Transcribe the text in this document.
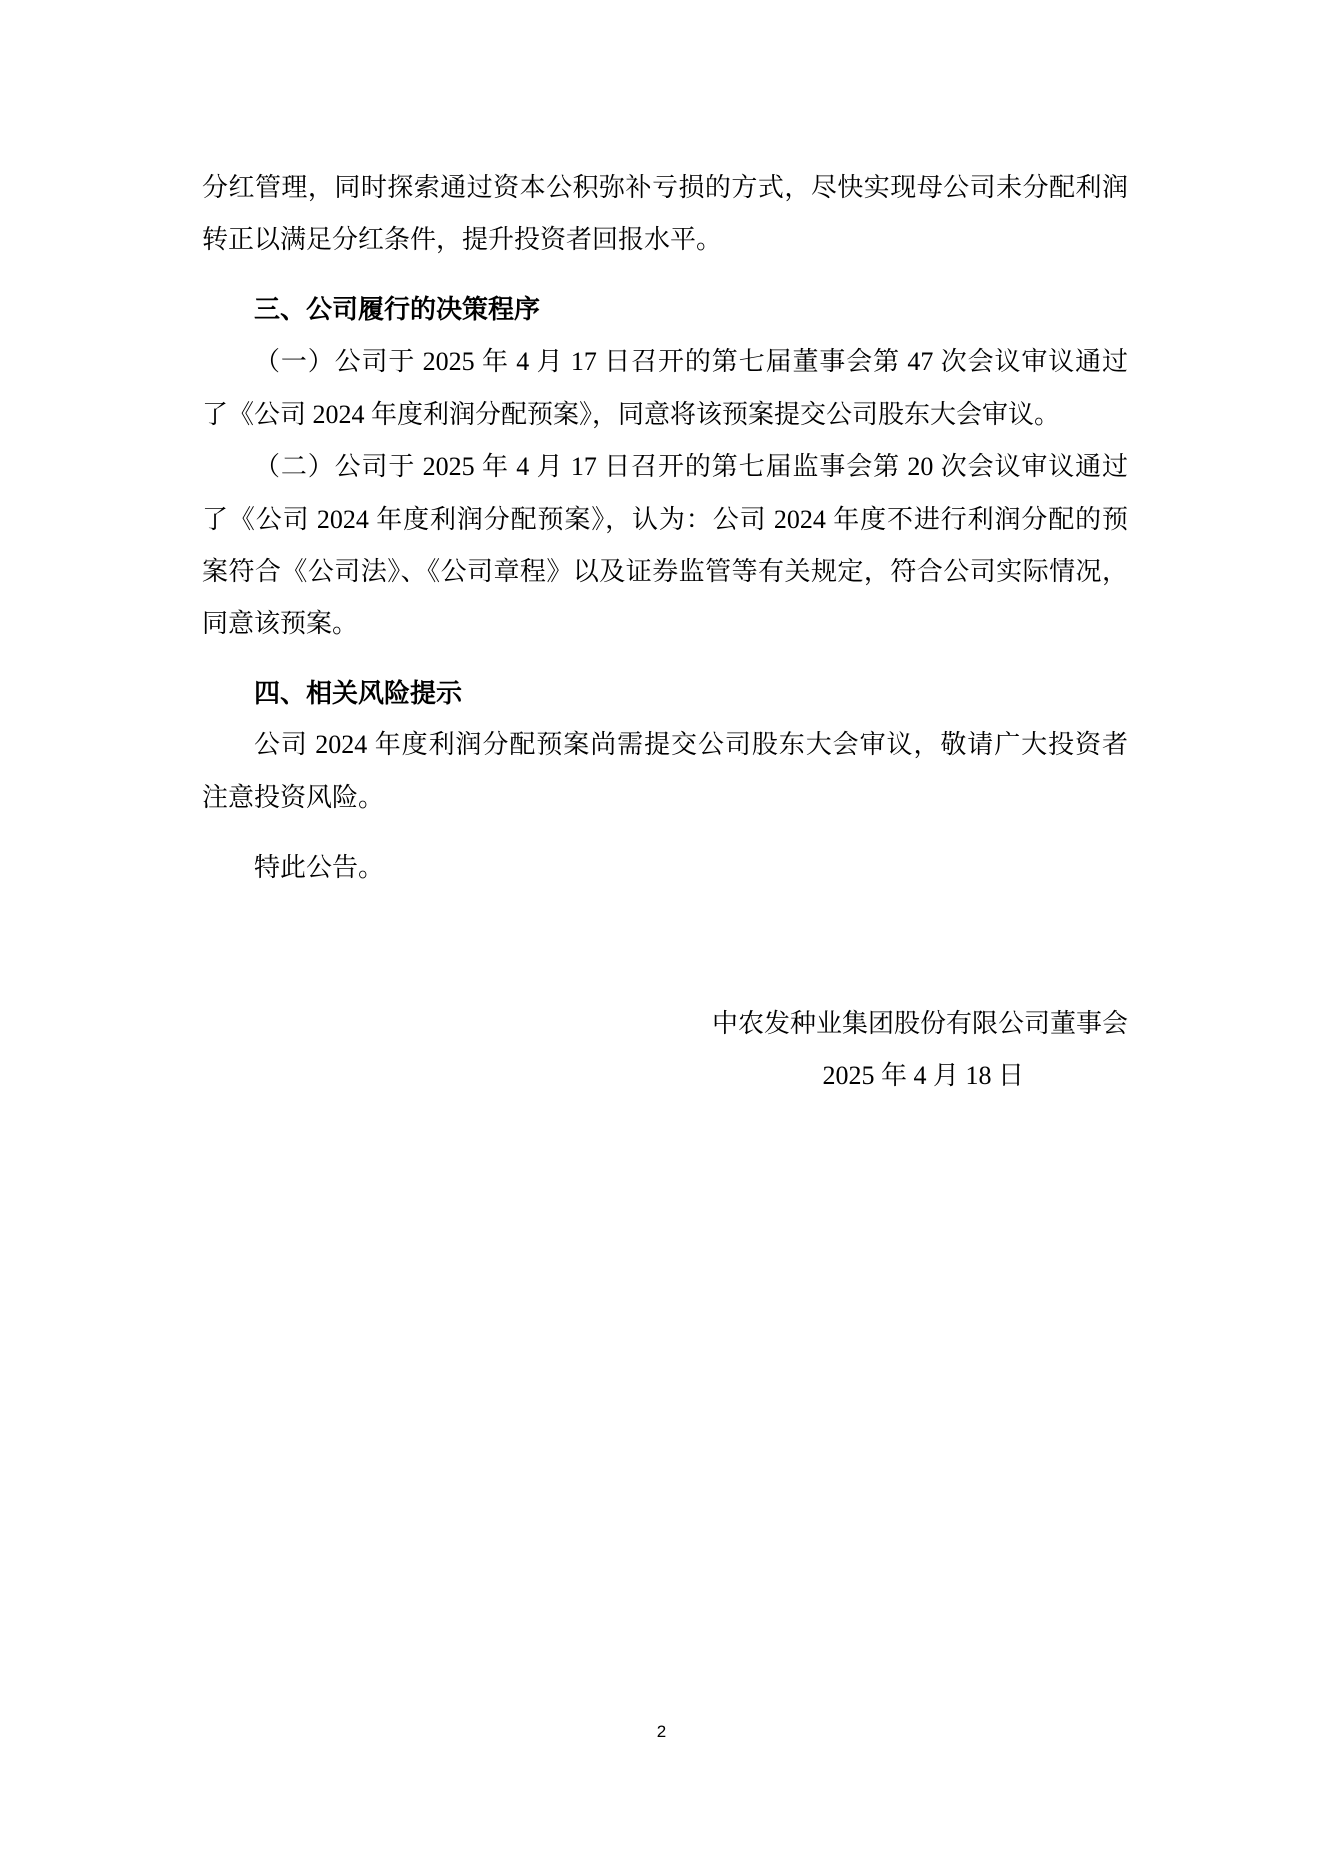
分红管理，同时探索通过资本公积弥补亏损的方式，尽快实现母公司未分配利润
转正以满足分红条件，提升投资者回报水平。
三、公司履行的决策程序
（一）公司于 2025 年 4 月 17 日召开的第七届董事会第 47 次会议审议通过
了《公司 2024 年度利润分配预案》，同意将该预案提交公司股东大会审议。
（二）公司于 2025 年 4 月 17 日召开的第七届监事会第 20 次会议审议通过
了《公司 2024 年度利润分配预案》，认为：公司 2024 年度不进行利润分配的预
案符合《公司法》、《公司章程》以及证券监管等有关规定，符合公司实际情况，
同意该预案。
四、相关风险提示
公司 2024 年度利润分配预案尚需提交公司股东大会审议，敬请广大投资者
注意投资风险。
特此公告。
中农发种业集团股份有限公司董事会
2025 年 4 月 18 日
2
